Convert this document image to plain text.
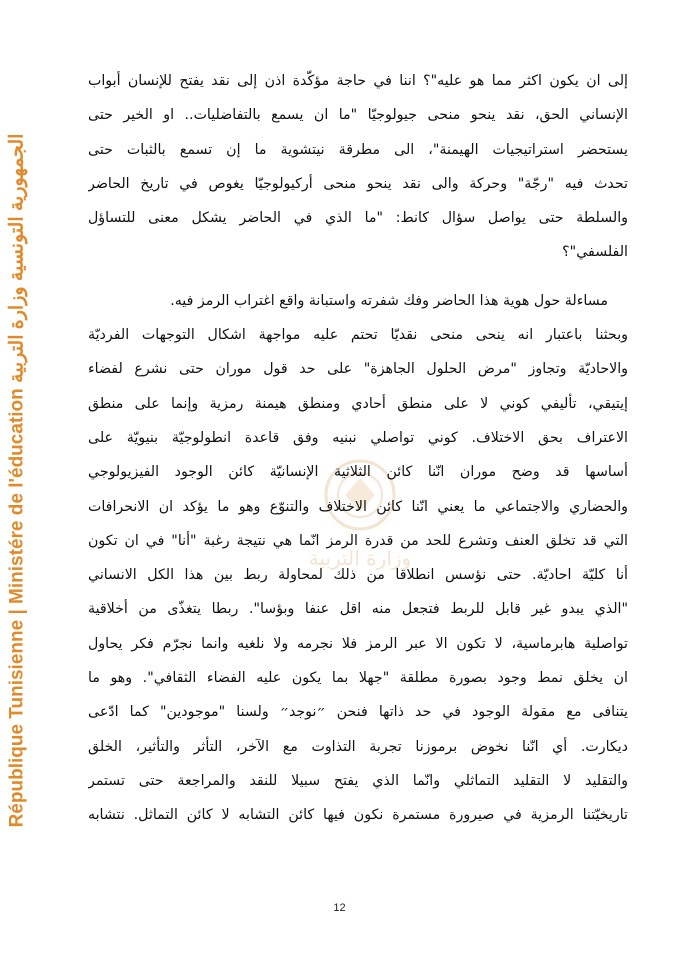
République Tunisienne | Ministére de l'éducation الجمهورية التونسية وزارة التربية
وزارة التربية
إلى ان يكون اكثر مما هو عليه"؟ اننا في حاجة مؤكّدة اذن إلى نقد يفتح للإنسان أبواب
الإنساني الحق، نقد ينحو منحى جيولوجيّا "ما ان يسمع بالتفاضليات.. او الخير حتى
يستحضر استراتيجيات الهيمنة"، الى مطرقة نيتشوية ما إن تسمع بالثبات حتى
تحدث فيه "رجّة" وحركة والى نقد ينحو منحى أركيولوجيّا يغوص في تاريخ الحاضر
والسلطة حتى يواصل سؤال كانط: "ما الذي في الحاضر يشكل معنى للتساؤل
الفلسفي"؟
مساءلة حول هوية هذا الحاضر وفك شفرته واستبانة واقع اغتراب الرمز فيه.
وبحثنا باعتبار انه ينحى منحى نقديّا تحتم عليه مواجهة اشكال التوجهات الفرديّة
والاحاديّة وتجاوز "مرض الحلول الجاهزة" على حد قول موران حتى نشرع لفضاء
إيتيقي، تأليفي كوني لا على منطق أحادي ومنطق هيمنة رمزية وإنما على منطق
الاعتراف بحق الاختلاف. كوني تواصلي نبنيه وفق قاعدة انطولوجيّة بنيويّة على
أساسها قد وضح موران انّنا كائن الثلاثية الإنسانيّة كائن الوجود الفيزيولوجي
والحضاري والاجتماعي ما يعني انّنا كائن الاختلاف والتنوّع وهو ما يؤكد ان الانحرافات
التي قد تخلق العنف وتشرع للحد من قدرة الرمز انّما هي نتيجة رغبة "أنا" في ان تكون
أنا كليّة احاديّة. حتى نؤسس انطلاقا من ذلك لمحاولة ربط بين هذا الكل الانساني
"الذي يبدو غير قابل للربط فتجعل منه اقل عنفا وبؤسا". ربطا يتغذّى من أخلاقية
تواصلية هابرماسية، لا تكون الا عبر الرمز فلا نجرمه ولا نلغيه وانما نجرّم فكر يحاول
ان يخلق نمط وجود بصورة مطلقة "جهلا بما يكون عليه الفضاء الثقافي". وهو ما
يتنافى مع مقولة الوجود في حد ذاتها فنحن ״نوجد״ ولسنا "موجودين" كما ادّعى
ديكارت. أي انّنا نخوض برموزنا تجربة التذاوت مع الآخر، التأثر والتأثير، الخلق
والتقليد لا التقليد التماثلي وانّما الذي يفتح سبيلا للنقد والمراجعة حتى تستمر
تاريخيّتنا الرمزية في صيرورة مستمرة نكون فيها كائن التشابه لا كائن التماثل. نتشابه
12
